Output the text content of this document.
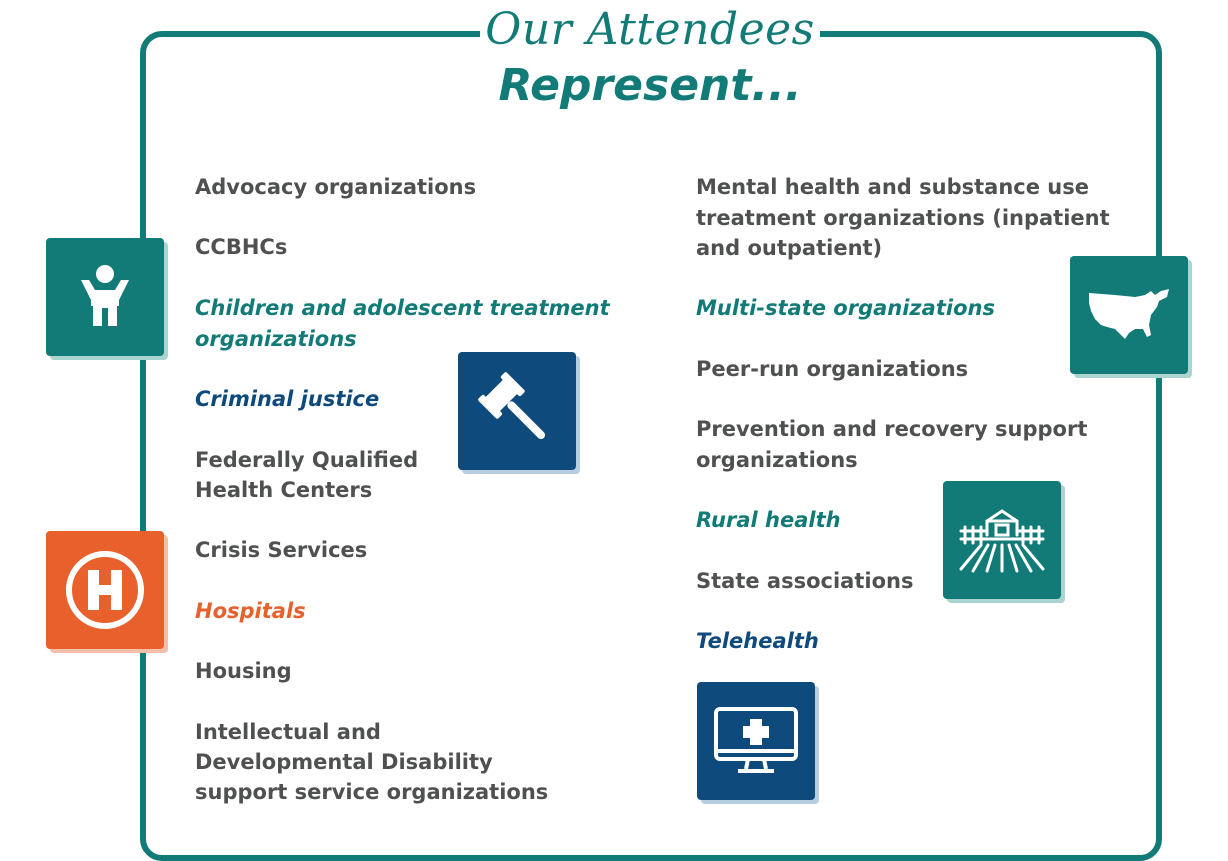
Our Attendees
Represent...
Advocacy organizations
CCBHCs
Children and adolescent treatment
organizations
Criminal justice
Federally Qualified
Health Centers
Crisis Services
Hospitals
Housing
Intellectual and
Developmental Disability
support service organizations
Mental health and substance use
treatment organizations (inpatient
and outpatient)
Multi-state organizations
Peer-run organizations
Prevention and recovery support
organizations
Rural health
State associations
Telehealth
